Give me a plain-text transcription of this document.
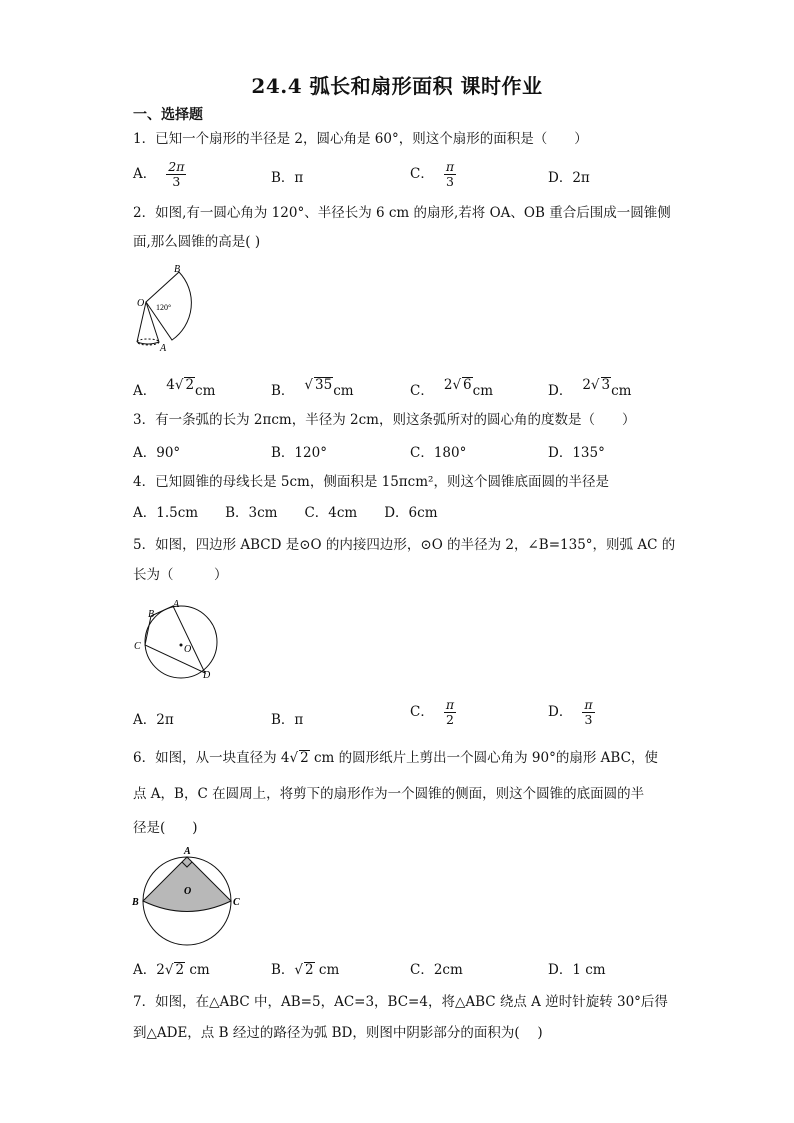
24.4 弧长和扇形面积 课时作业
一、选择题
1．已知一个扇形的半径是 2，圆心角是 60°，则这个扇形的面积是（　　）
A． $\frac{2\pi}{3}$	B．π	C． $\frac{\pi}{3}$	D．2π
2．如图,有一圆心角为 120°、半径长为 6 cm 的扇形,若将 OA、OB 重合后围成一圆锥侧
面,那么圆锥的高是( )
B
O 120°
A
A． 4√ 2cm	B． √ 35cm	C． 2√ 6cm	D． 2√ 3cm
3．有一条弧的长为 2πcm，半径为 2cm，则这条弧所对的圆心角的度数是（　　）
A．90°	B．120°	C．180°	D．135°
4．已知圆锥的母线长是 5cm，侧面积是 15πcm²，则这个圆锥底面圆的半径是
A．1.5cm　　B．3cm　　C．4cm　　D．6cm
5．如图，四边形 ABCD 是⊙O 的内接四边形，⊙O 的半径为 2，∠B=135°，则弧 AC 的
长为（　　　）
A
B
C
D
O
A．2π	B．π	C． $\frac{\pi}{2}$	D． $\frac{\pi}{3}$
6．如图，从一块直径为 4√ 2 cm 的圆形纸片上剪出一个圆心角为 90°的扇形 ABC，使
点 A，B，C 在圆周上，将剪下的扇形作为一个圆锥的侧面，则这个圆锥的底面圆的半
径是(　　)
A
B	C
O
A．2√ 2 cm	B．√ 2 cm	C．2cm	D．1 cm
7．如图，在△ABC 中，AB=5，AC=3，BC=4，将△ABC 绕点 A 逆时针旋转 30°后得
到△ADE，点 B 经过的路径为弧 BD，则图中阴影部分的面积为(　 )
